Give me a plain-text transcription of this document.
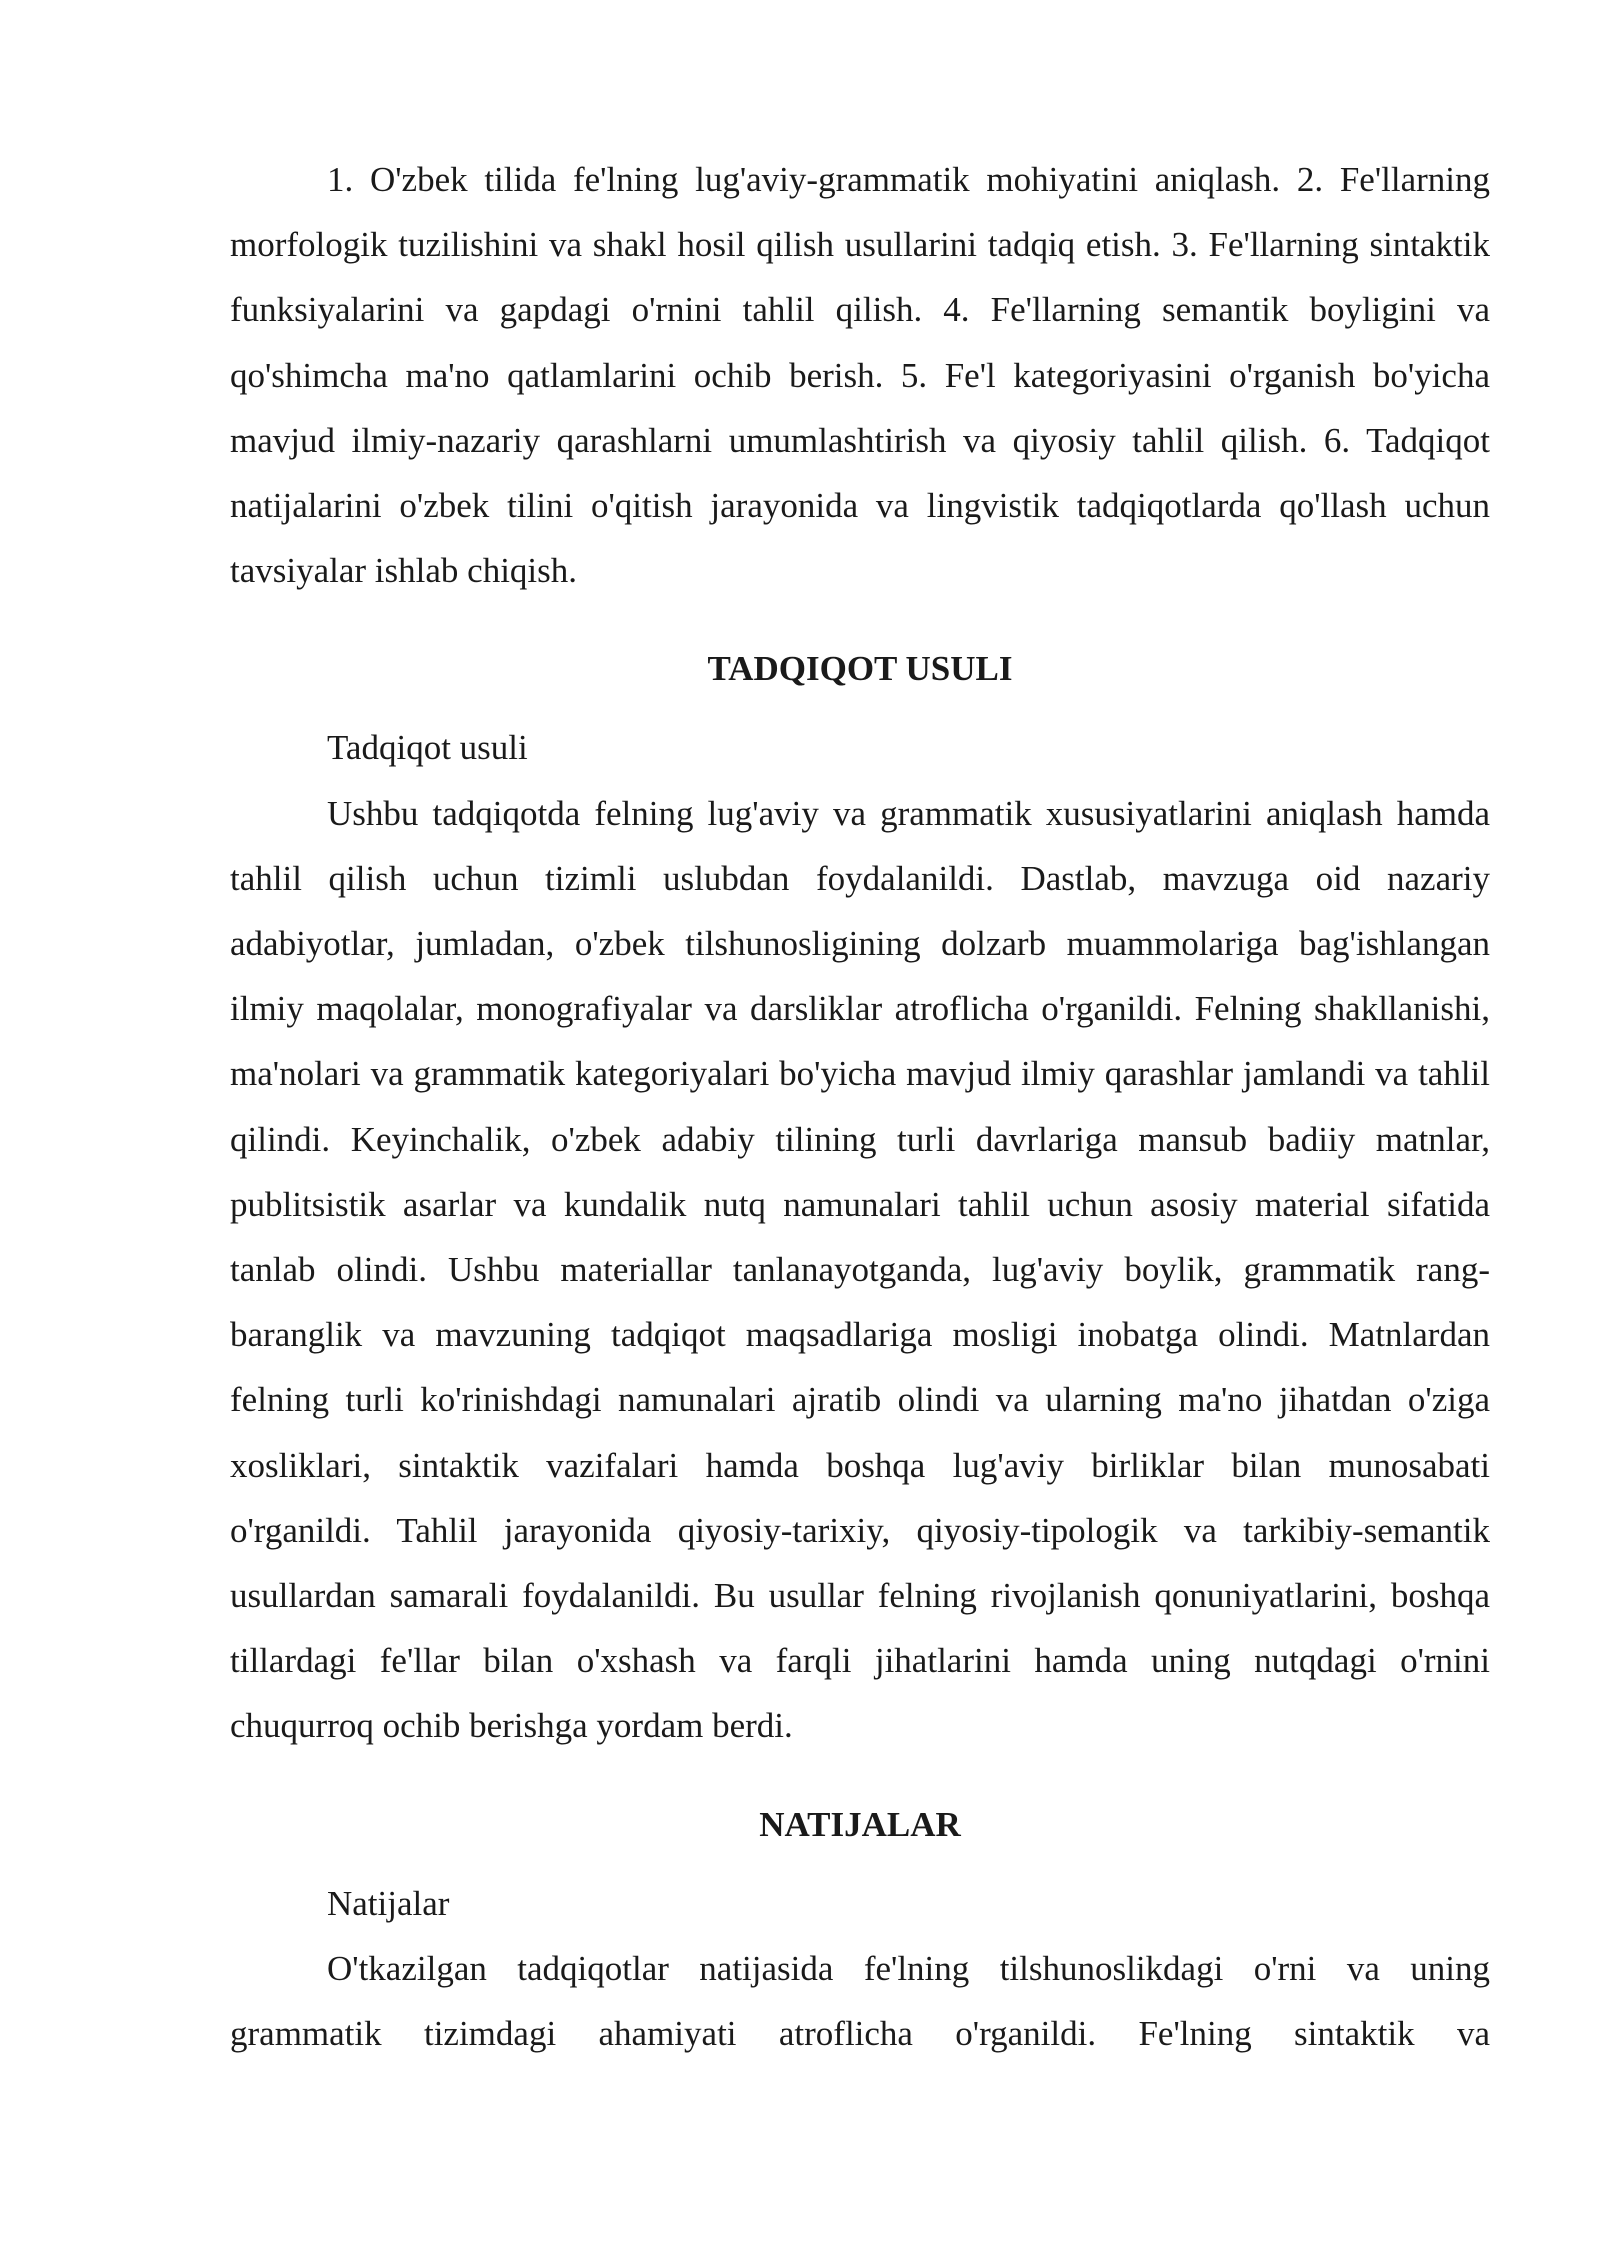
1. O'zbek tilida fe'lning lug'aviy-grammatik mohiyatini aniqlash. 2. Fe'llarning morfologik tuzilishini va shakl hosil qilish usullarini tadqiq etish. 3. Fe'llarning sintaktik funksiyalarini va gapdagi o'rnini tahlil qilish. 4. Fe'llarning semantik boyligini va qo'shimcha ma'no qatlamlarini ochib berish. 5. Fe'l kategoriyasini o'rganish bo'yicha mavjud ilmiy-nazariy qarashlarni umumlashtirish va qiyosiy tahlil qilish. 6. Tadqiqot natijalarini o'zbek tilini o'qitish jarayonida va lingvistik tadqiqotlarda qo'llash uchun tavsiyalar ishlab chiqish.

TADQIQOT USULI

Tadqiqot usuli

Ushbu tadqiqotda felning lug'aviy va grammatik xususiyatlarini aniqlash hamda tahlil qilish uchun tizimli uslubdan foydalanildi. Dastlab, mavzuga oid nazariy adabiyotlar, jumladan, o'zbek tilshunosligining dolzarb muammolariga bag'ishlangan ilmiy maqolalar, monografiyalar va darsliklar atroflicha o'rganildi. Felning shakllanishi, ma'nolari va grammatik kategoriyalari bo'yicha mavjud ilmiy qarashlar jamlandi va tahlil qilindi. Keyinchalik, o'zbek adabiy tilining turli davrlariga mansub badiiy matnlar, publitsistik asarlar va kundalik nutq namunalari tahlil uchun asosiy material sifatida tanlab olindi. Ushbu materiallar tanlanayotganda, lug'aviy boylik, grammatik rang-baranglik va mavzuning tadqiqot maqsadlariga mosligi inobatga olindi. Matnlardan felning turli ko'rinishdagi namunalari ajratib olindi va ularning ma'no jihatdan o'ziga xosliklari, sintaktik vazifalari hamda boshqa lug'aviy birliklar bilan munosabati o'rganildi. Tahlil jarayonida qiyosiy-tarixiy, qiyosiy-tipologik va tarkibiy-semantik usullardan samarali foydalanildi. Bu usullar felning rivojlanish qonuniyatlarini, boshqa tillardagi fe'llar bilan o'xshash va farqli jihatlarini hamda uning nutqdagi o'rnini chuqurroq ochib berishga yordam berdi.

NATIJALAR

Natijalar

O'tkazilgan tadqiqotlar natijasida fe'lning tilshunoslikdagi o'rni va uning grammatik tizimdagi ahamiyati atroflicha o'rganildi. Fe'lning sintaktik va
